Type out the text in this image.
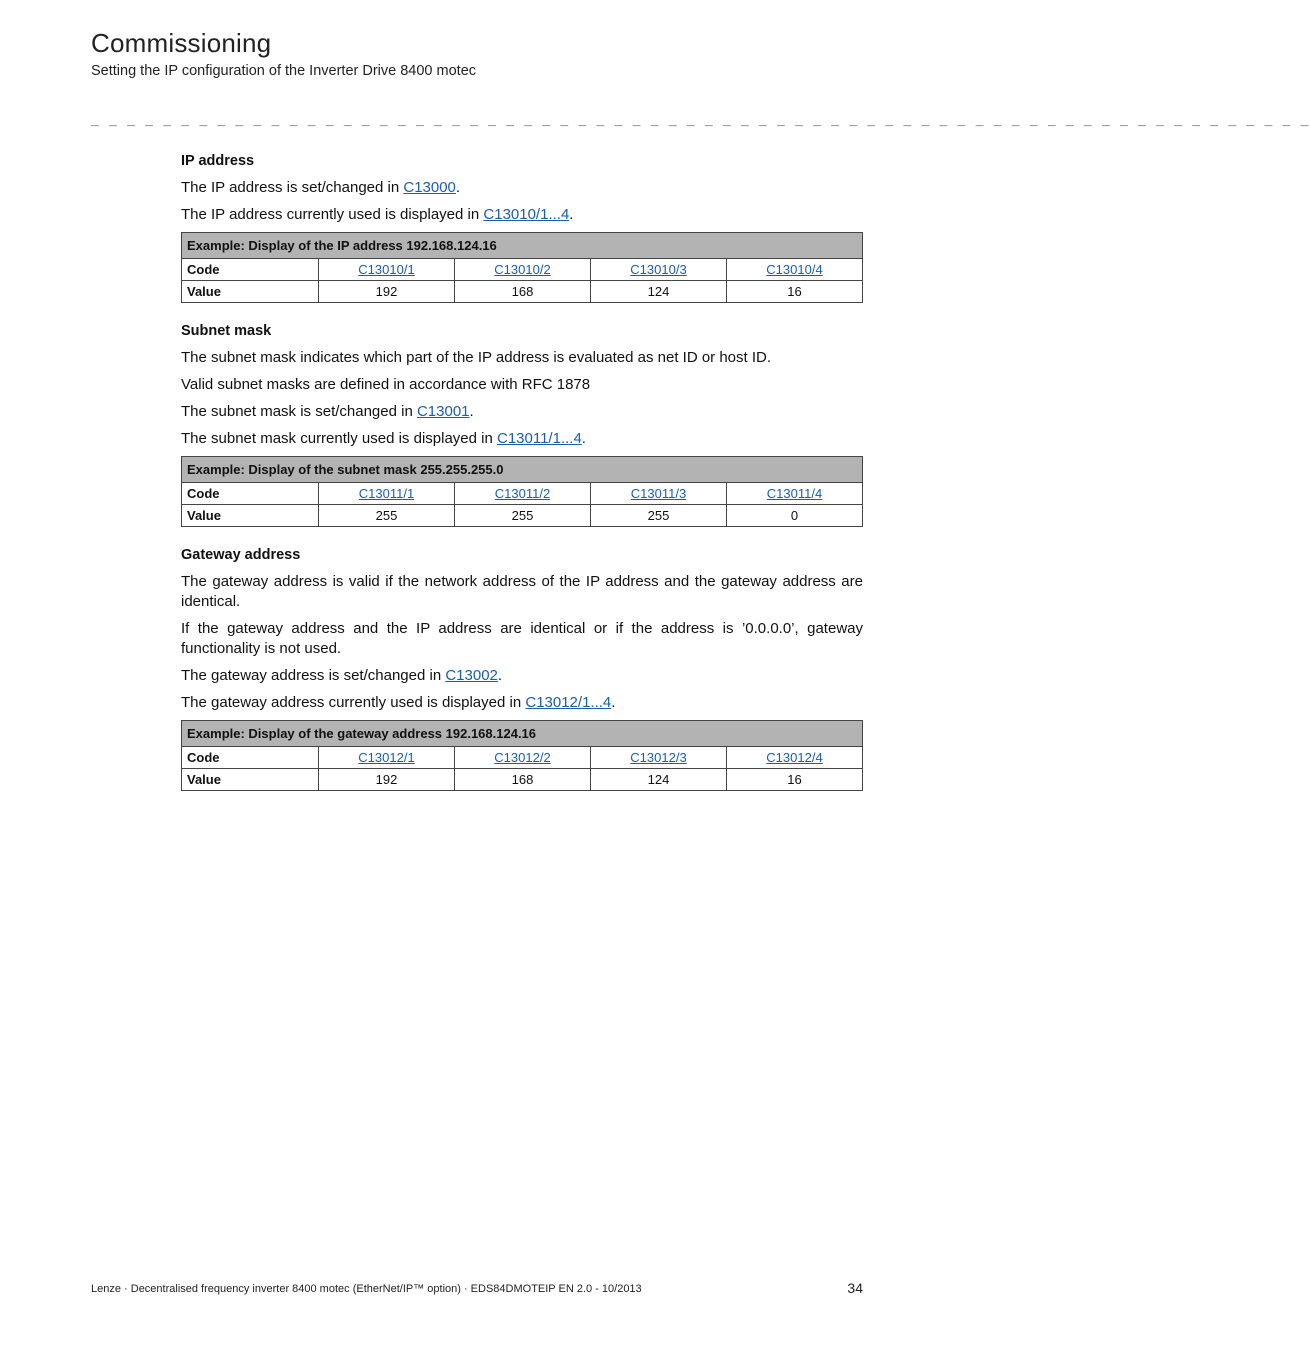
Commissioning
Setting the IP configuration of the Inverter Drive 8400 motec
_ _ _ _ _ _ _ _ _ _ _ _ _ _ _ _ _ _ _ _ _ _ _ _ _ _ _ _ _ _ _ _ _ _ _ _ _ _ _ _ _ _ _ _ _ _ _ _ _ _ _ _ _ _ _ _ _ _ _ _ _ _ _ _ _ _ _ _
IP address

The IP address is set/changed in C13000.

The IP address currently used is displayed in C13010/1...4.

Example: Display of the IP address 192.168.124.16				
Code	C13010/1	C13010/2	C13010/3	C13010/4
Value	192	168	124	16
Subnet mask

The subnet mask indicates which part of the IP address is evaluated as net ID or host ID.

Valid subnet masks are defined in accordance with RFC 1878

The subnet mask is set/changed in C13001.

The subnet mask currently used is displayed in C13011/1...4.

Example: Display of the subnet mask 255.255.255.0				
Code	C13011/1	C13011/2	C13011/3	C13011/4
Value	255	255	255	0
Gateway address

The gateway address is valid if the network address of the IP address and the gateway address are identical.

If the gateway address and the IP address are identical or if the address is ’0.0.0.0’, gateway functionality is not used.

The gateway address is set/changed in C13002.

The gateway address currently used is displayed in C13012/1...4.

Example: Display of the gateway address 192.168.124.16				
Code	C13012/1	C13012/2	C13012/3	C13012/4
Value	192	168	124	16
Lenze · Decentralised frequency inverter 8400 motec (EtherNet/IP™ option) · EDS84DMOTEIP EN 2.0 - 10/2013	34
